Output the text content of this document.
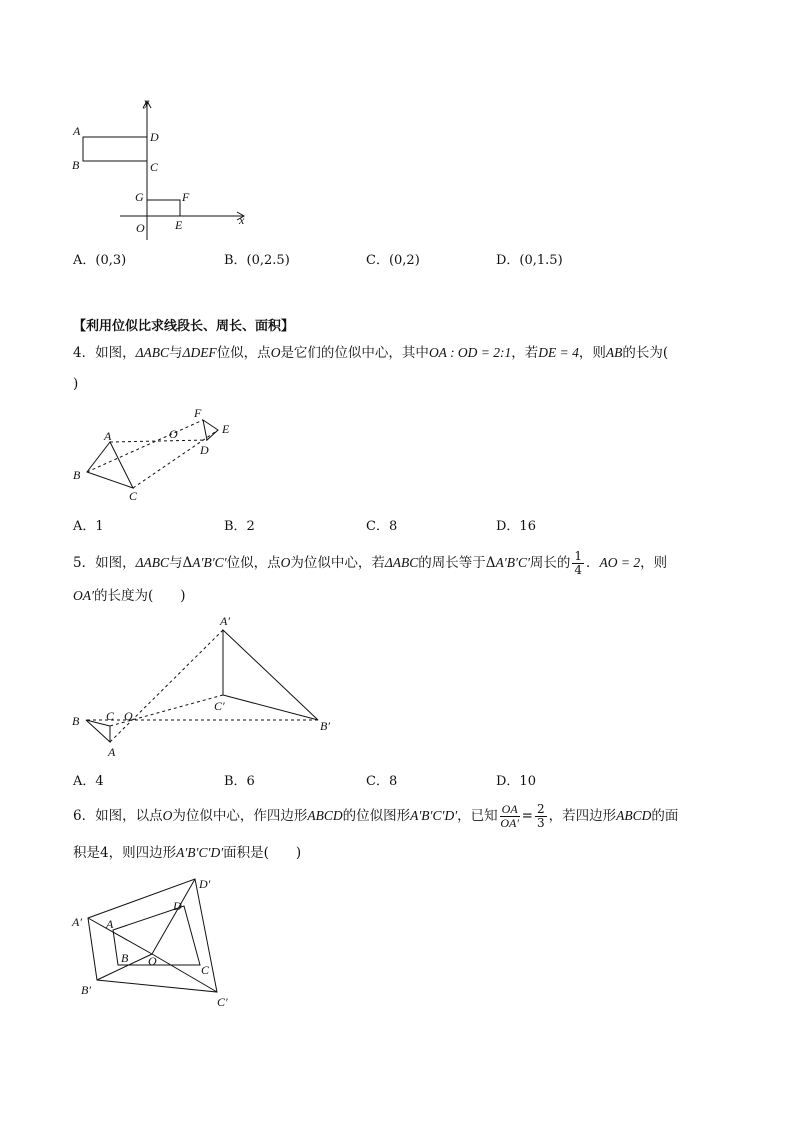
y
x
A
B
D
C
G	F
O	E
A．(0,3)	B．(0,2.5)	C．(0,2)	D．(0,1.5)
【利用位似比求线段长、周长、面积】
4．如图，ΔABC与ΔDEF位似，点O是它们的位似中心，其中OA : OD = 2:1，若DE = 4，则AB的长为(
)
A
B
C
O
F
E
D
A．1	B．2	C．8	D．16
5．如图，ΔABC与ΔA′B′C′位似，点O为位似中心，若ΔABC的周长等于ΔA′B′C′周长的 $\frac{1}{4}$ ．AO = 2，则
OA′的长度为(　　)
A′
C′
B′
B C O
A
A．4	B．6	C．8	D．10
6．如图，以点O为位似中心，作四边形ABCD的位似图形A′B′C′D′，已知 $\frac{OA}{OA'} = \frac{2}{3}$ ，若四边形ABCD的面
积是4，则四边形A′B′C′D′面积是(　　)
A′ A
D′
D
B O
C
B′
C′
